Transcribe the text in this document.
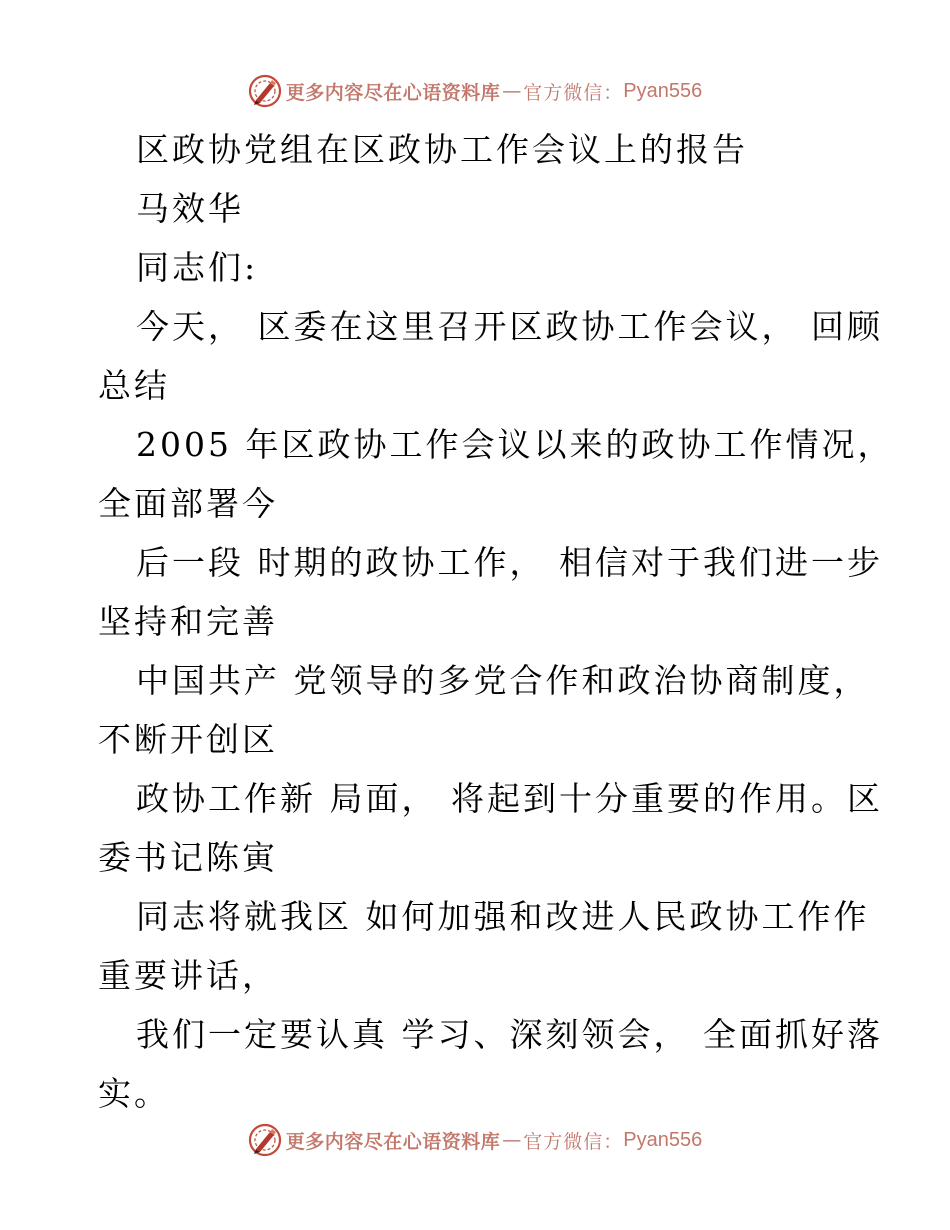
更多内容尽在心语资料库 — 官方微信： Pyan556
区政协党组在区政协工作会议上的报告
马效华
同志们:
今天， 区委在这里召开区政协工作会议， 回顾
总结
2005 年区政协工作会议以来的政协工作情况，
全面部署今
后一段 时期的政协工作， 相信对于我们进一步
坚持和完善
中国共产 党领导的多党合作和政治协商制度，
不断开创区
政协工作新 局面， 将起到十分重要的作用。区
委书记陈寅
同志将就我区 如何加强和改进人民政协工作作
重要讲话，
我们一定要认真 学习、深刻领会， 全面抓好落
实。
更多内容尽在心语资料库 — 官方微信： Pyan556
